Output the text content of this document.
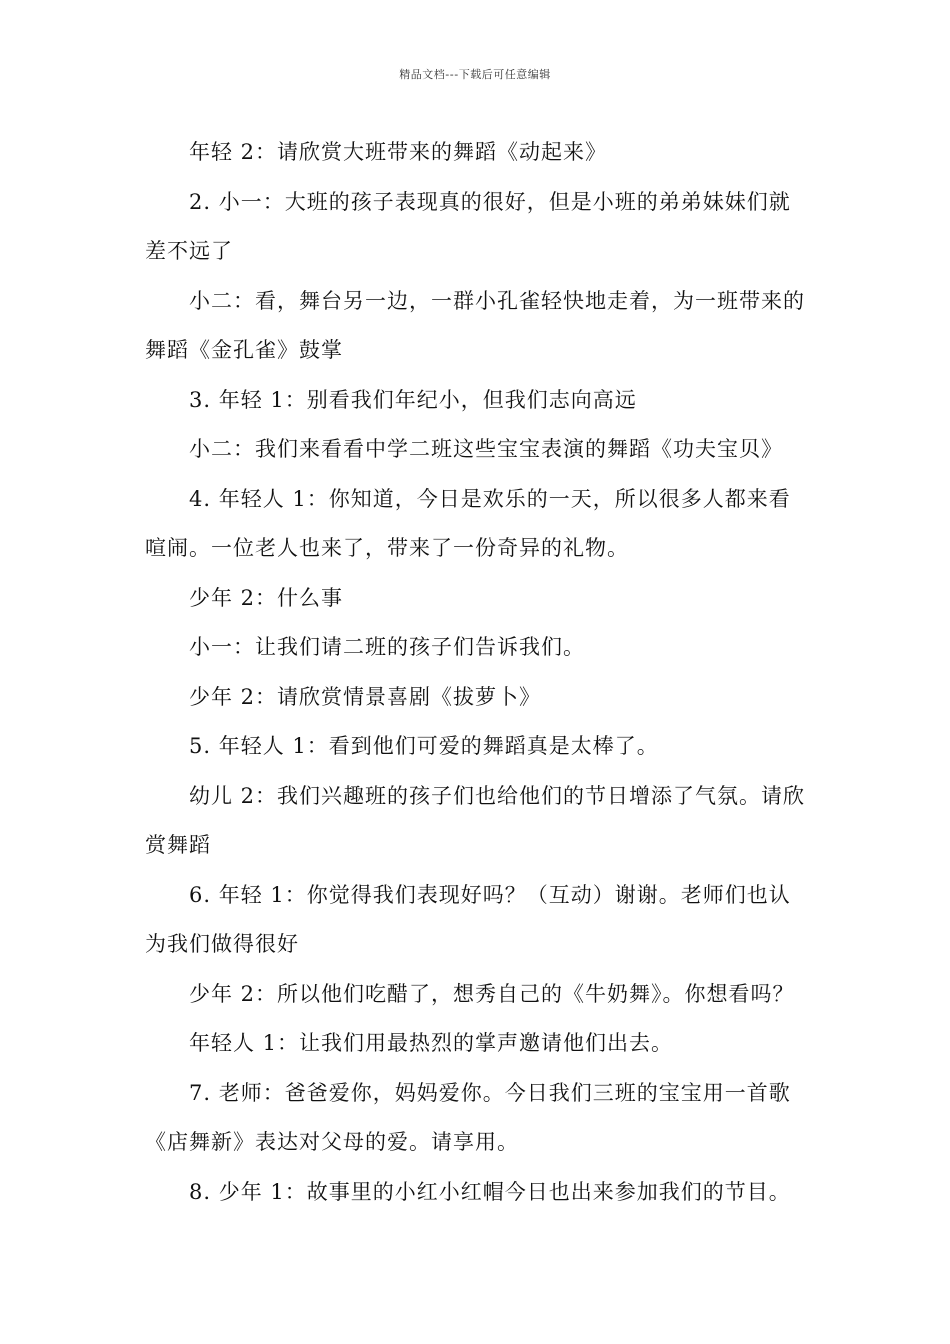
精品文档---下载后可任意编辑

年轻 2：请欣赏大班带来的舞蹈《动起来》

2. 小一：大班的孩子表现真的很好，但是小班的弟弟妹妹们就差不远了

小二：看，舞台另一边，一群小孔雀轻快地走着，为一班带来的舞蹈《金孔雀》鼓掌

3. 年轻 1：别看我们年纪小，但我们志向高远

小二：我们来看看中学二班这些宝宝表演的舞蹈《功夫宝贝》

4. 年轻人 1：你知道，今日是欢乐的一天，所以很多人都来看喧闹。一位老人也来了，带来了一份奇异的礼物。

少年 2：什么事

小一：让我们请二班的孩子们告诉我们。

少年 2：请欣赏情景喜剧《拔萝卜》

5. 年轻人 1：看到他们可爱的舞蹈真是太棒了。

幼儿 2：我们兴趣班的孩子们也给他们的节日增添了气氛。请欣赏舞蹈

6. 年轻 1：你觉得我们表现好吗？（互动）谢谢。老师们也认为我们做得很好

少年 2：所以他们吃醋了，想秀自己的《牛奶舞》。你想看吗？

年轻人 1：让我们用最热烈的掌声邀请他们出去。

7. 老师：爸爸爱你，妈妈爱你。今日我们三班的宝宝用一首歌《店舞新》表达对父母的爱。请享用。

8. 少年 1：故事里的小红小红帽今日也出来参加我们的节目。
